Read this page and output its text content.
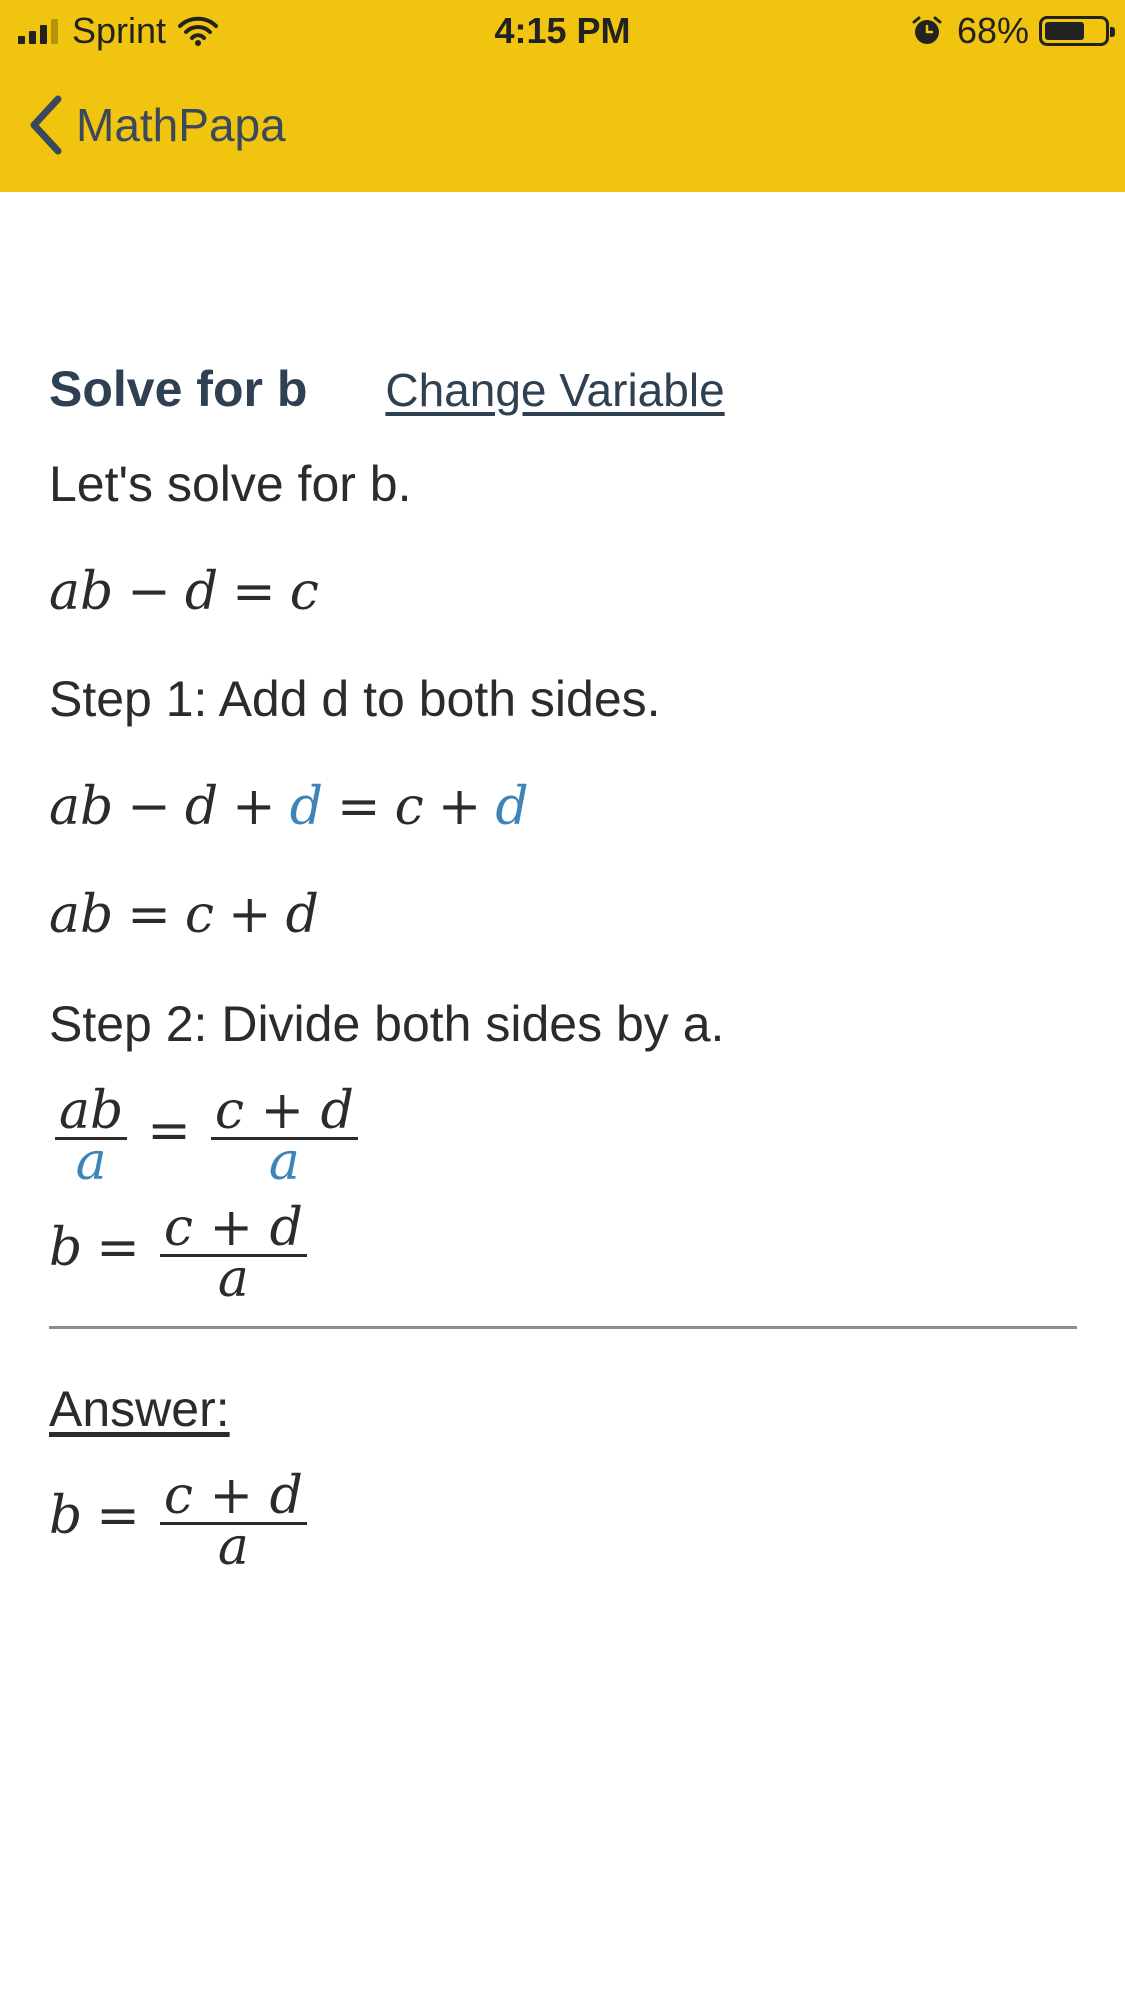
Sprint	4:15 PM	68%
MathPapa
Solve for b Change Variable
Let's solve for b.
ab − d = c
Step 1: Add d to both sides.
ab − d + d = c + d
ab = c + d
Step 2: Divide both sides by a.
$\frac{ab}{a} = \frac{c + d}{a}$
$b = \frac{c + d}{a}$
Answer:
$b = \frac{c + d}{a}$
